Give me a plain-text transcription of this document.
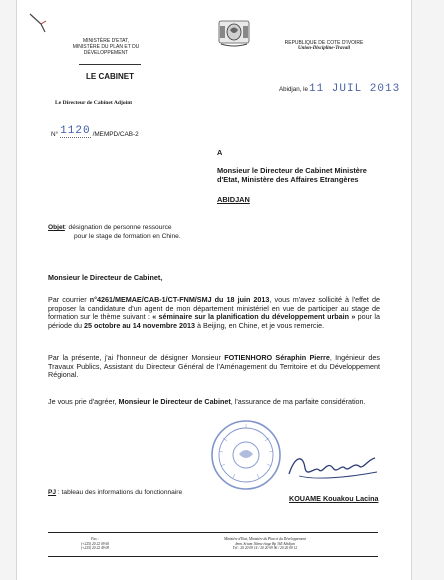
MINISTÈRE D'ETAT,
MINISTÈRE DU PLAN ET DU DÉVELOPPEMENT
LE CABINET
Le Directeur de Cabinet Adjoint
REPUBLIQUE DE COTE D'IVOIRE
Union-Discipline-Travail
Abidjan, le 11 JUIL 2013
N° 1120 /MEMPD/CAB-2
A
Monsieur le Directeur de Cabinet Ministère
d'Etat, Ministère des Affaires Etrangères
ABIDJAN
Objet: désignation de personne ressource
pour le stage de formation en Chine.
Monsieur le Directeur de Cabinet,
Par courrier n°4261/MEMAE/CAB-1/CT-FNM/SMJ du 18 juin 2013, vous m'avez sollicité à l'effet de proposer la candidature d'un agent de mon département ministériel en vue de participer au stage de formation sur le thème suivant : « séminaire sur la planification du développement urbain » pour la période du 25 octobre au 14 novembre 2013 à Beijing, en Chine, et je vous remercie.
Par la présente, j'ai l'honneur de désigner Monsieur FOTIENHORO Séraphin Pierre, Ingénieur des Travaux Publics, Assistant du Directeur Général de l'Aménagement du Territoire et du Développement Régional.
Je vous prie d'agréer, Monsieur le Directeur de Cabinet, l'assurance de ma parfaite considération.
PJ : tableau des informations du fonctionnaire
KOUAME Kouakou Lacina
Fax :
(+225) 20 22 09 60
(+225) 20 22 49 09
Ministère d'Etat, Ministère du Plan et du Développement
Imm. Sciam 16ème étage Bp 365 Abidjan
Tél : 20 20 09 14 / 20 20 09 96 / 20 20 09 12
